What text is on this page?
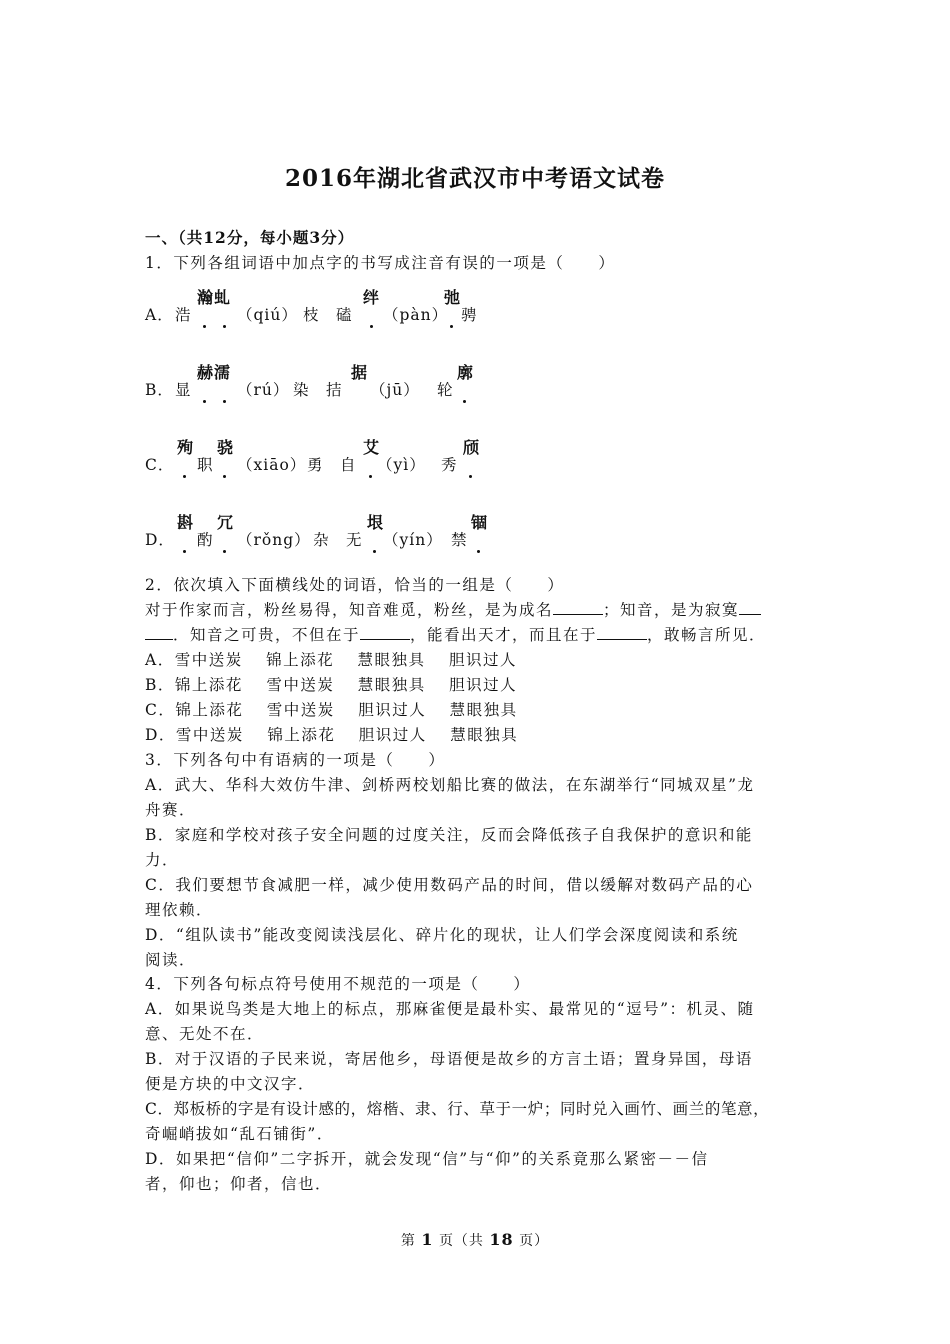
2016年湖北省武汉市中考语文试卷
一、（共12分，每小题3分）
1．下列各组词语中加点字的书写成注音有误的一项是（　　）
A． 浩
瀚虬
（qiú） 枝　磕
绊
（pàn）
弛
骋
B． 显
赫濡
（rú） 染　拮
据
（jū） 轮
廓
C．
殉
职
骁
（xiāo） 勇　自
艾
（yì） 秀
颀
D．
斟
酌
冗
（rǒng） 杂　无
垠
（yín） 禁
锢
2．依次填入下面横线处的词语，恰当的一组是（　　）
对于作家而言，粉丝易得，知音难觅，粉丝，是为成名	；知音，是为寂寞
．知音之可贵，不但在于	，能看出天才，而且在于	，敢畅言所见．
A．雪中送炭　 锦上添花　 慧眼独具　 胆识过人
B．锦上添花　 雪中送炭　 慧眼独具　 胆识过人
C．锦上添花　 雪中送炭　 胆识过人　 慧眼独具
D．雪中送炭　 锦上添花　 胆识过人　 慧眼独具
3．下列各句中有语病的一项是（　　）
A．武大、华科大效仿牛津、剑桥两校划船比赛的做法，在东湖举行“同城双星”龙
舟赛．
B．家庭和学校对孩子安全问题的过度关注，反而会降低孩子自我保护的意识和能
力．
C．我们要想节食减肥一样，减少使用数码产品的时间，借以缓解对数码产品的心
理依赖．
D．“组队读书”能改变阅读浅层化、碎片化的现状，让人们学会深度阅读和系统
阅读．
4．下列各句标点符号使用不规范的一项是（　　）
A．如果说鸟类是大地上的标点，那麻雀便是最朴实、最常见的“逗号”：机灵、随
意、无处不在．
B．对于汉语的子民来说，寄居他乡，母语便是故乡的方言土语；置身异国，母语
便是方块的中文汉字．
C．郑板桥的字是有设计感的，熔楷、隶、行、草于一炉；同时兑入画竹、画兰的笔意，
奇崛峭拔如“乱石铺街”．
D．如果把“信仰”二字拆开，就会发现“信”与“仰”的关系竟那么紧密－－信
者，仰也；仰者，信也．
第 1 页（共 18 页）
